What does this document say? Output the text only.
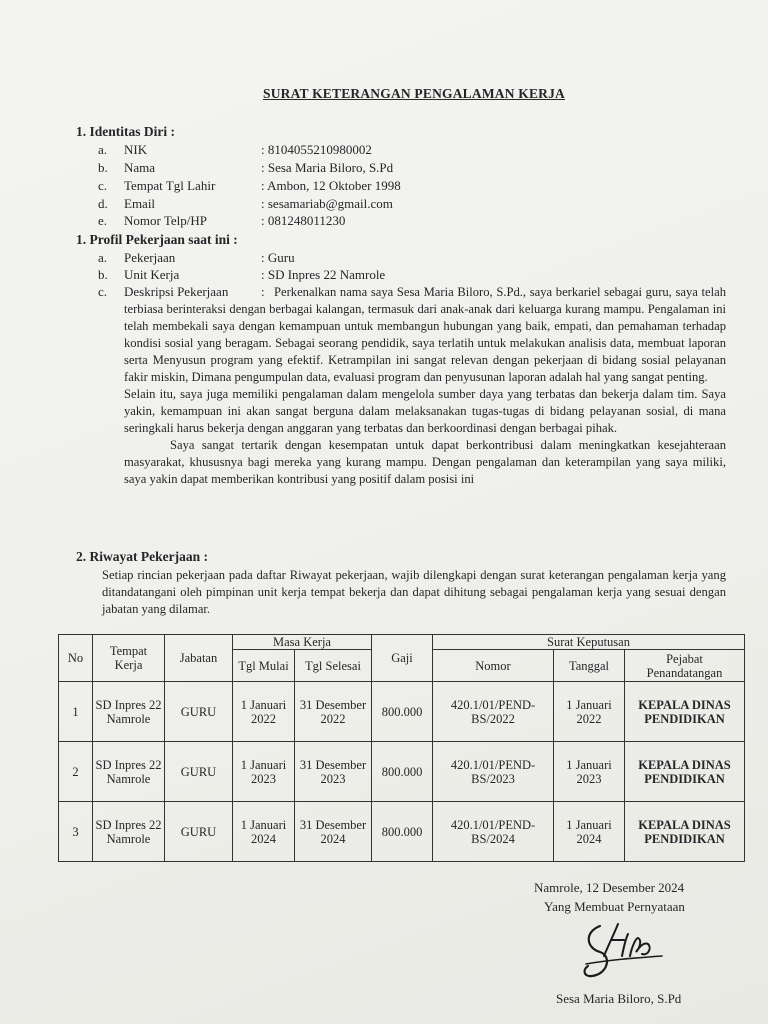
SURAT KETERANGAN PENGALAMAN KERJA
1. Identitas Diri :
a. NIK	: 8104055210980002
b. Nama	: Sesa Maria Biloro, S.Pd
c. Tempat Tgl Lahir	: Ambon, 12 Oktober 1998
d. Email	: sesamariab@gmail.com
e. Nomor Telp/HP	: 081248011230
1. Profil Pekerjaan saat ini :
a. Pekerjaan	: Guru
b. Unit Kerja	: SD Inpres 22 Namrole
c. Deskripsi Pekerjaan	: Perkenalkan nama saya Sesa Maria Biloro, S.Pd., saya berkariel sebagai guru, saya telah terbiasa berinteraksi dengan berbagai kalangan, termasuk dari anak-anak dari keluarga kurang mampu. Pengalaman ini telah membekali saya dengan kemampuan untuk membangun hubungan yang baik, empati, dan pemahaman terhadap kondisi sosial yang beragam. Sebagai seorang pendidik, saya terlatih untuk melakukan analisis data, membuat laporan serta Menyusun program yang efektif. Ketrampilan ini sangat relevan dengan pekerjaan di bidang sosial pelayanan fakir miskin, Dimana pengumpulan data, evaluasi program dan penyusunan laporan adalah hal yang sangat penting.

Selain itu, saya juga memiliki pengalaman dalam mengelola sumber daya yang terbatas dan bekerja dalam tim. Saya yakin, kemampuan ini akan sangat berguna dalam melaksanakan tugas-tugas di bidang pelayanan sosial, di mana seringkali harus bekerja dengan anggaran yang terbatas dan berkoordinasi dengan berbagai pihak.

Saya sangat tertarik dengan kesempatan untuk dapat berkontribusi dalam meningkatkan kesejahteraan masyarakat, khususnya bagi mereka yang kurang mampu. Dengan pengalaman dan keterampilan yang saya miliki, saya yakin dapat memberikan kontribusi yang positif dalam posisi ini

2. Riwayat Pekerjaan :
Setiap rincian pekerjaan pada daftar Riwayat pekerjaan, wajib dilengkapi dengan surat keterangan pengalaman kerja yang ditandatangani oleh pimpinan unit kerja tempat bekerja dan dapat dihitung sebagai pengalaman kerja yang sesuai dengan jabatan yang dilamar.
No	Tempat Kerja	Jabatan	Masa Kerja		Gaji	Surat Keputusan		
			Tgl Mulai	Tgl Selesai		Nomor	Tanggal	Pejabat Penandatangan
1	SD Inpres 22 Namrole	GURU	1 Januari 2022	31 Desember 2022	800.000	420.1/01/PEND-BS/2022	1 Januari 2022	KEPALA DINAS PENDIDIKAN
2	SD Inpres 22 Namrole	GURU	1 Januari 2023	31 Desember 2023	800.000	420.1/01/PEND-BS/2023	1 Januari 2023	KEPALA DINAS PENDIDIKAN
3	SD Inpres 22 Namrole	GURU	1 Januari 2024	31 Desember 2024	800.000	420.1/01/PEND-BS/2024	1 Januari 2024	KEPALA DINAS PENDIDIKAN
Namrole, 12 Desember 2024
Yang Membuat Pernyataan
Sesa Maria Biloro, S.Pd
